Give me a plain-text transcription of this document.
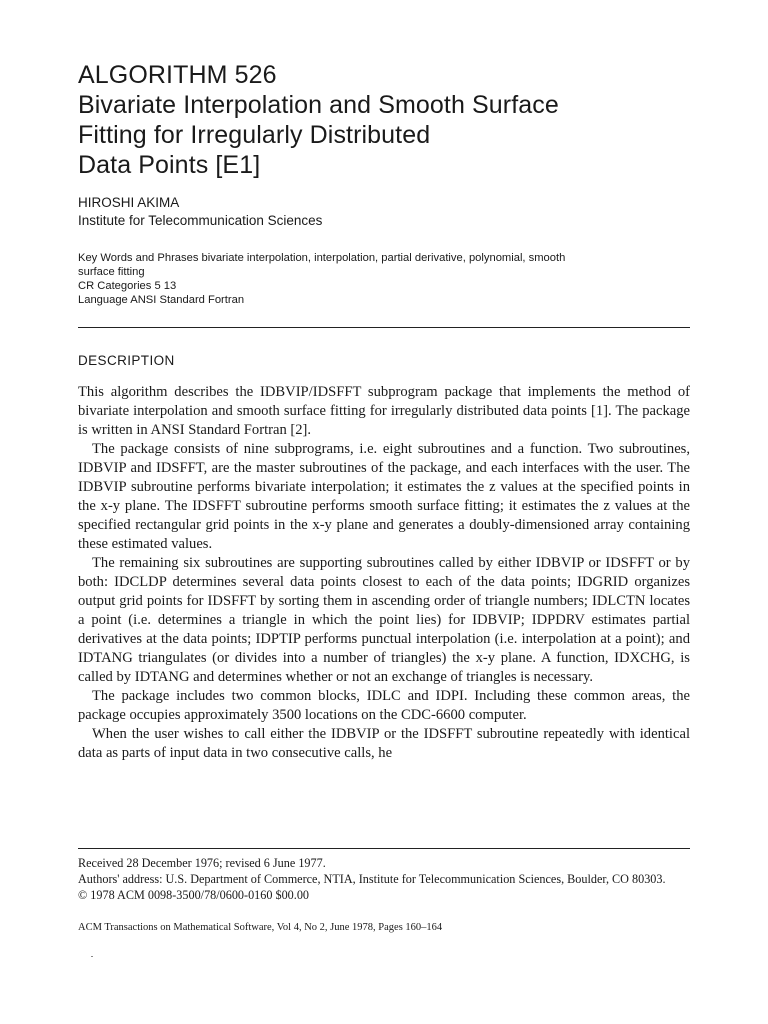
ALGORITHM 526
Bivariate Interpolation and Smooth Surface
Fitting for Irregularly Distributed
Data Points [E1]
HIROSHI AKIMA
Institute for Telecommunication Sciences

Key Words and Phrases bivariate interpolation, interpolation, partial derivative, polynomial, smooth

surface fitting

CR Categories 5 13

Language ANSI Standard Fortran

DESCRIPTION

This algorithm describes the IDBVIP/IDSFFT subprogram package that implements the method of bivariate interpolation and smooth surface fitting for irregularly distributed data points [1]. The package is written in ANSI Standard Fortran [2].

The package consists of nine subprograms, i.e. eight subroutines and a function. Two subroutines, IDBVIP and IDSFFT, are the master subroutines of the package, and each interfaces with the user. The IDBVIP subroutine performs bivariate interpolation; it estimates the z values at the specified points in the x-y plane. The IDSFFT subroutine performs smooth surface fitting; it estimates the z values at the specified rectangular grid points in the x-y plane and generates a doubly-dimensioned array containing these estimated values.

The remaining six subroutines are supporting subroutines called by either IDBVIP or IDSFFT or by both: IDCLDP determines several data points closest to each of the data points; IDGRID organizes output grid points for IDSFFT by sorting them in ascending order of triangle numbers; IDLCTN locates a point (i.e. determines a triangle in which the point lies) for IDBVIP; IDPDRV estimates partial derivatives at the data points; IDPTIP performs punctual interpolation (i.e. interpolation at a point); and IDTANG triangulates (or divides into a number of triangles) the x-y plane. A function, IDXCHG, is called by IDTANG and determines whether or not an exchange of triangles is necessary.

The package includes two common blocks, IDLC and IDPI. Including these common areas, the package occupies approximately 3500 locations on the CDC-6600 computer.

When the user wishes to call either the IDBVIP or the IDSFFT subroutine repeatedly with identical data as parts of input data in two consecutive calls, he

Received 28 December 1976; revised 6 June 1977.

Authors' address: U.S. Department of Commerce, NTIA, Institute for Telecommunication Sciences, Boulder, CO 80303.

© 1978 ACM 0098-3500/78/0600-0160 $00.00

ACM Transactions on Mathematical Software, Vol 4, No 2, June 1978, Pages 160–164
